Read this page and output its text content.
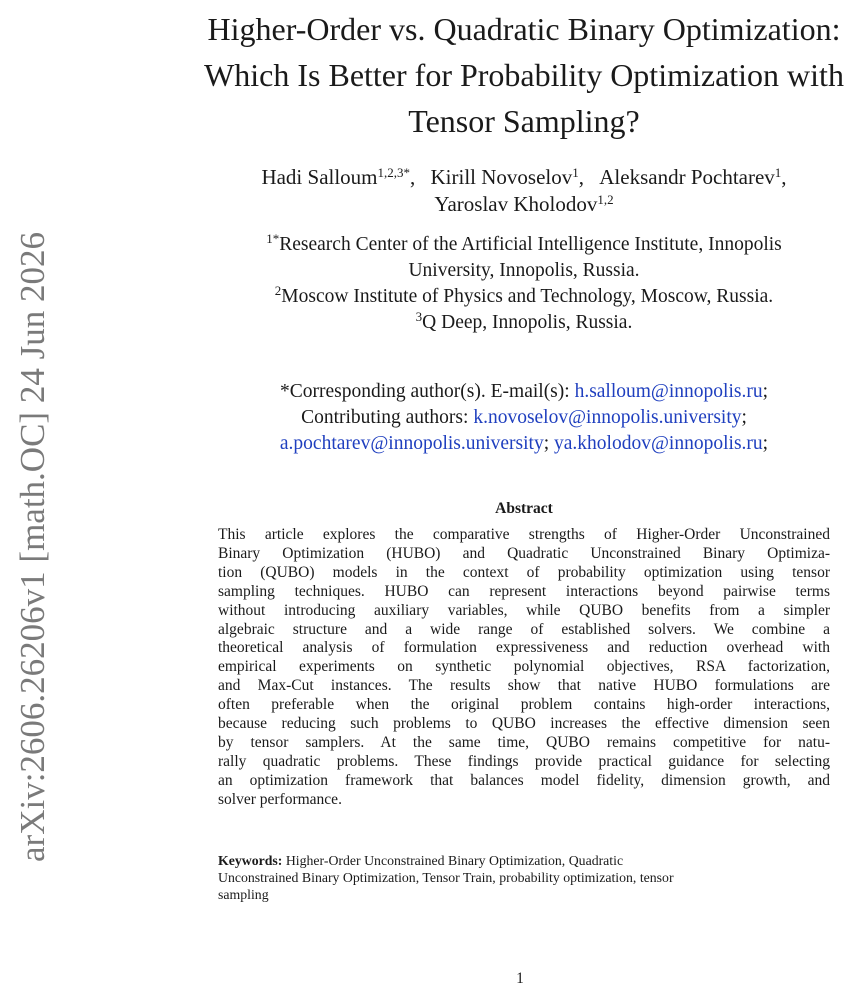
arXiv:2606.26206v1 [math.OC] 24 Jun 2026
Higher-Order vs. Quadratic Binary Optimization:
Which Is Better for Probability Optimization with
Tensor Sampling?
Hadi Salloum$^{1,2,3*}$, Kirill Novoselov$^1$, Aleksandr Pochtarev$^1$,
Yaroslav Kholodov$^{1,2}$
$^{1*}$Research Center of the Artificial Intelligence Institute, Innopolis
University, Innopolis, Russia.
$^2$Moscow Institute of Physics and Technology, Moscow, Russia.
$^3$Q Deep, Innopolis, Russia.
*Corresponding author(s). E-mail(s): h.salloum@innopolis.ru;
Contributing authors: k.novoselov@innopolis.university;
a.pochtarev@innopolis.university; ya.kholodov@innopolis.ru;
Abstract
This article explores the comparative strengths of Higher-Order Unconstrained
Binary Optimization (HUBO) and Quadratic Unconstrained Binary Optimiza-
tion (QUBO) models in the context of probability optimization using tensor
sampling techniques. HUBO can represent interactions beyond pairwise terms
without introducing auxiliary variables, while QUBO benefits from a simpler
algebraic structure and a wide range of established solvers. We combine a
theoretical analysis of formulation expressiveness and reduction overhead with
empirical experiments on synthetic polynomial objectives, RSA factorization,
and Max-Cut instances. The results show that native HUBO formulations are
often preferable when the original problem contains high-order interactions,
because reducing such problems to QUBO increases the effective dimension seen
by tensor samplers. At the same time, QUBO remains competitive for natu-
rally quadratic problems. These findings provide practical guidance for selecting
an optimization framework that balances model fidelity, dimension growth, and
solver performance.
Keywords: Higher-Order Unconstrained Binary Optimization, Quadratic
Unconstrained Binary Optimization, Tensor Train, probability optimization, tensor
sampling
1
